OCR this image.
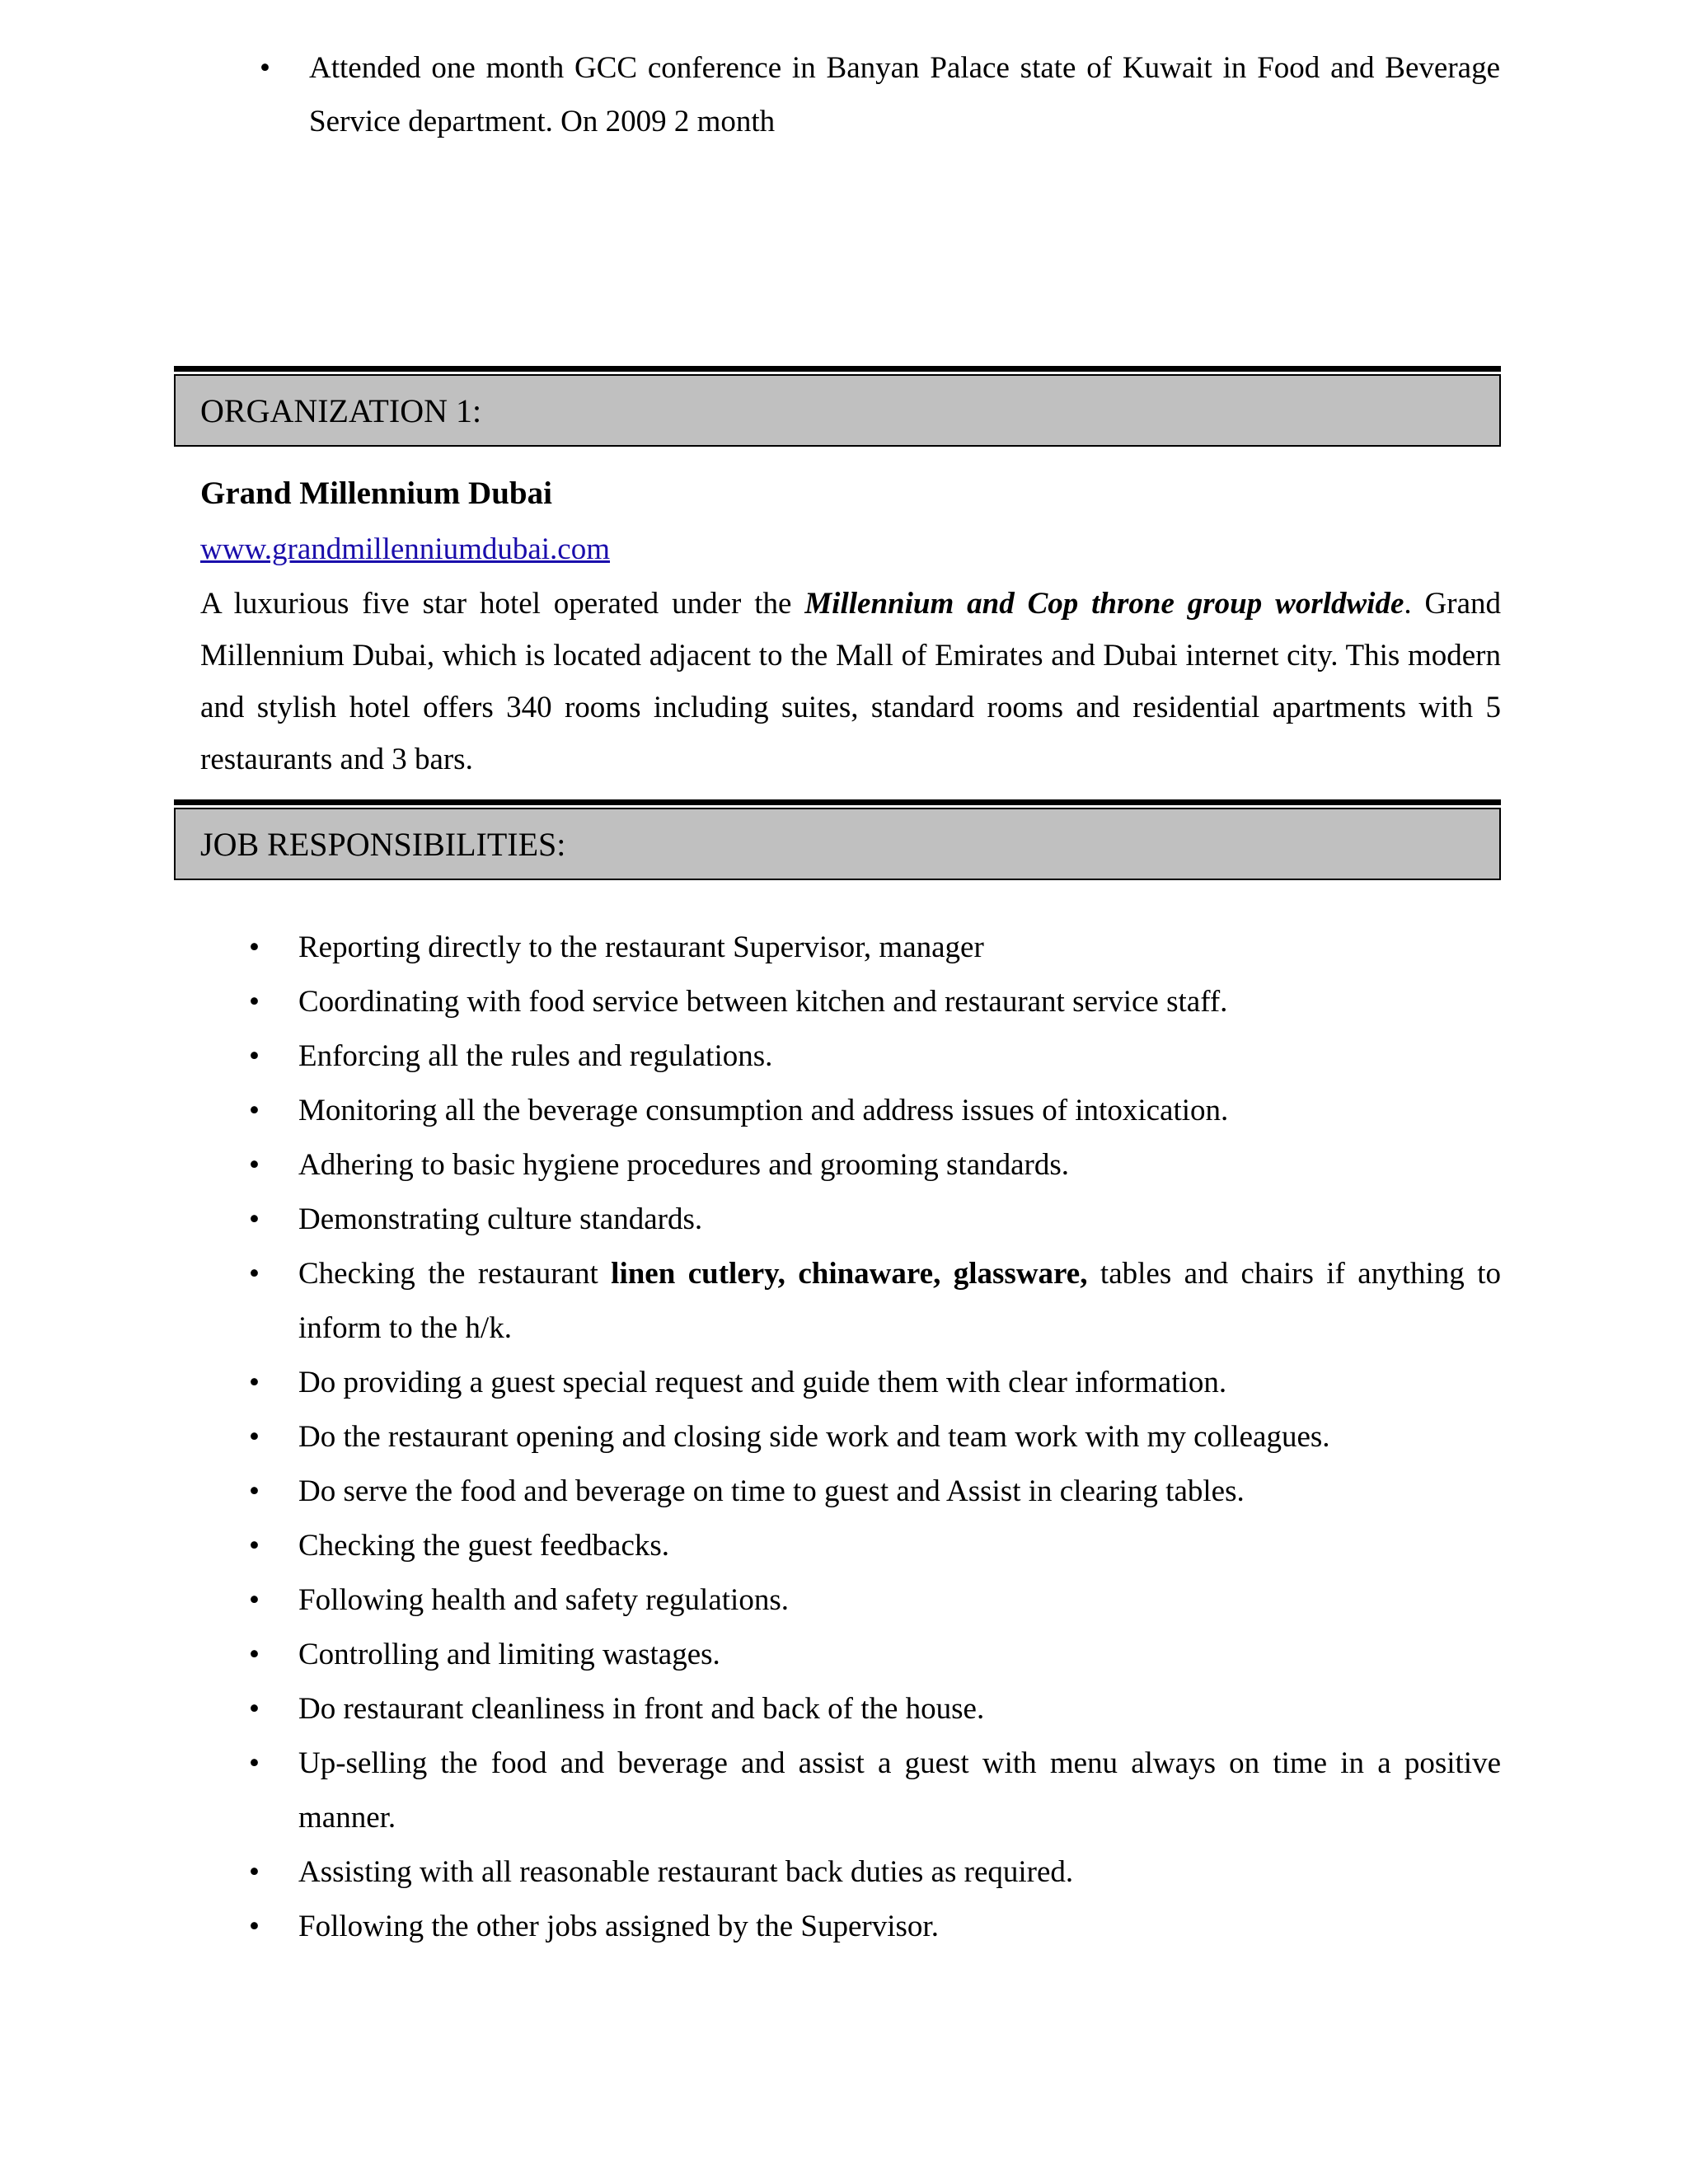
• Attended one month GCC conference in Banyan Palace state of Kuwait in Food and Beverage Service department. On 2009 2 month
ORGANIZATION 1:
Grand Millennium Dubai
www.grandmillenniumdubai.com
A luxurious five star hotel operated under the Millennium and Cop throne group worldwide. Grand Millennium Dubai, which is located adjacent to the Mall of Emirates and Dubai internet city. This modern and stylish hotel offers 340 rooms including suites, standard rooms and residential apartments with 5 restaurants and 3 bars.
JOB RESPONSIBILITIES:
• Reporting directly to the restaurant Supervisor, manager
• Coordinating with food service between kitchen and restaurant service staff.
• Enforcing all the rules and regulations.
• Monitoring all the beverage consumption and address issues of intoxication.
• Adhering to basic hygiene procedures and grooming standards.
• Demonstrating culture standards.
• Checking the restaurant linen cutlery, chinaware, glassware, tables and chairs if anything to inform to the h/k.
• Do providing a guest special request and guide them with clear information.
• Do the restaurant opening and closing side work and team work with my colleagues.
• Do serve the food and beverage on time to guest and Assist in clearing tables.
• Checking the guest feedbacks.
• Following health and safety regulations.
• Controlling and limiting wastages.
• Do restaurant cleanliness in front and back of the house.
• Up-selling the food and beverage and assist a guest with menu always on time in a positive manner.
• Assisting with all reasonable restaurant back duties as required.
• Following the other jobs assigned by the Supervisor.
